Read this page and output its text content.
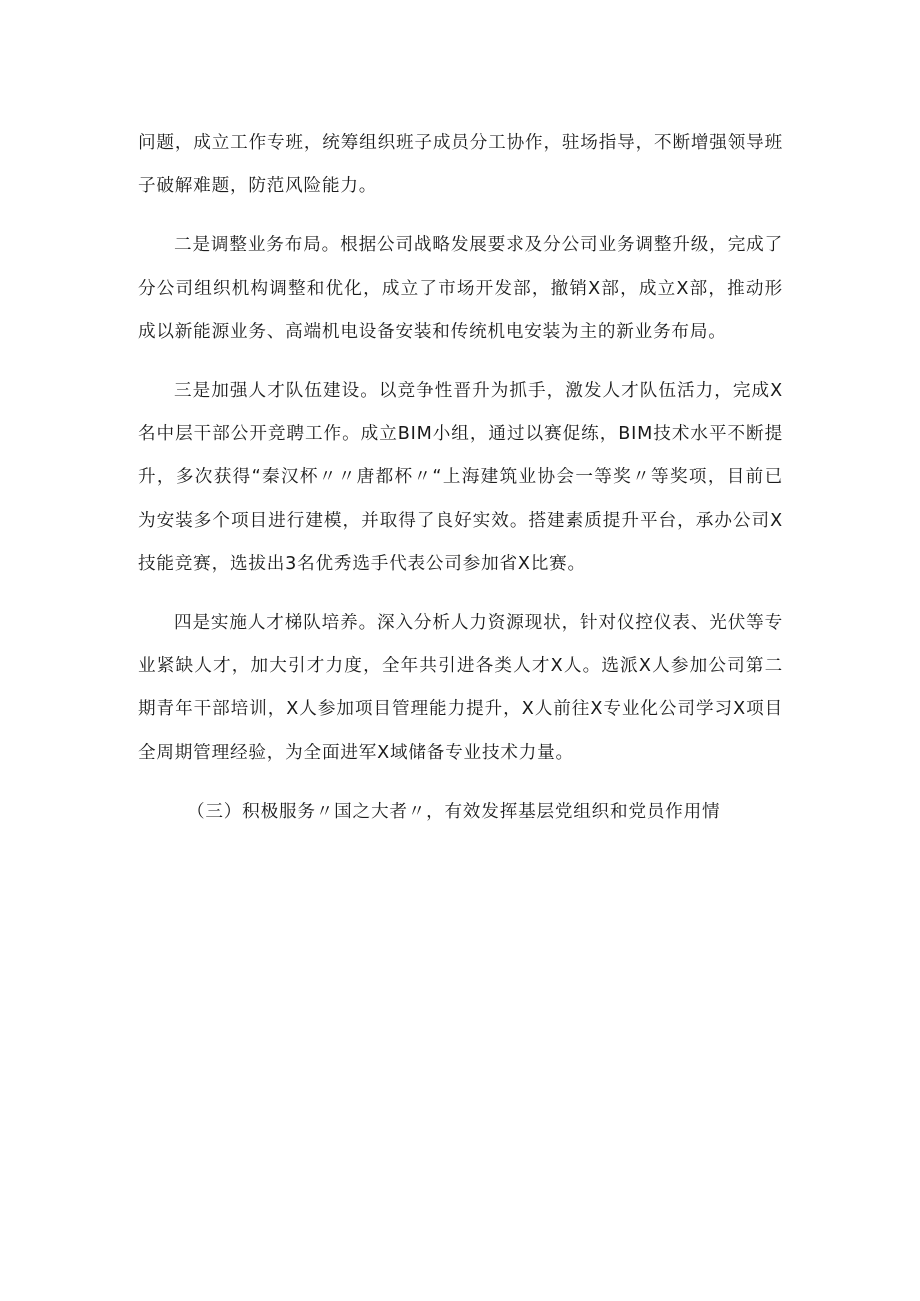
问题，成立工作专班，统筹组织班子成员分工协作，驻场指导，不断增强领导班子破解难题，防范风险能力。

二是调整业务布局。根据公司战略发展要求及分公司业务调整升级，完成了分公司组织机构调整和优化，成立了市场开发部，撤销X部，成立X部，推动形成以新能源业务、高端机电设备安装和传统机电安装为主的新业务布局。

三是加强人才队伍建设。以竞争性晋升为抓手，激发人才队伍活力，完成X名中层干部公开竞聘工作。成立BIM小组，通过以赛促练，BIM技术水平不断提升，多次获得“秦汉杯〃〃唐都杯〃“上海建筑业协会一等奖〃等奖项，目前已为安装多个项目进行建模，并取得了良好实效。搭建素质提升平台，承办公司X技能竞赛，选拔出3名优秀选手代表公司参加省X比赛。

四是实施人才梯队培养。深入分析人力资源现状，针对仪控仪表、光伏等专业紧缺人才，加大引才力度，全年共引进各类人才X人。选派X人参加公司第二期青年干部培训，X人参加项目管理能力提升，X人前往X专业化公司学习X项目全周期管理经验，为全面进军X域储备专业技术力量。

（三）积极服务〃国之大者〃，有效发挥基层党组织和党员作用情
